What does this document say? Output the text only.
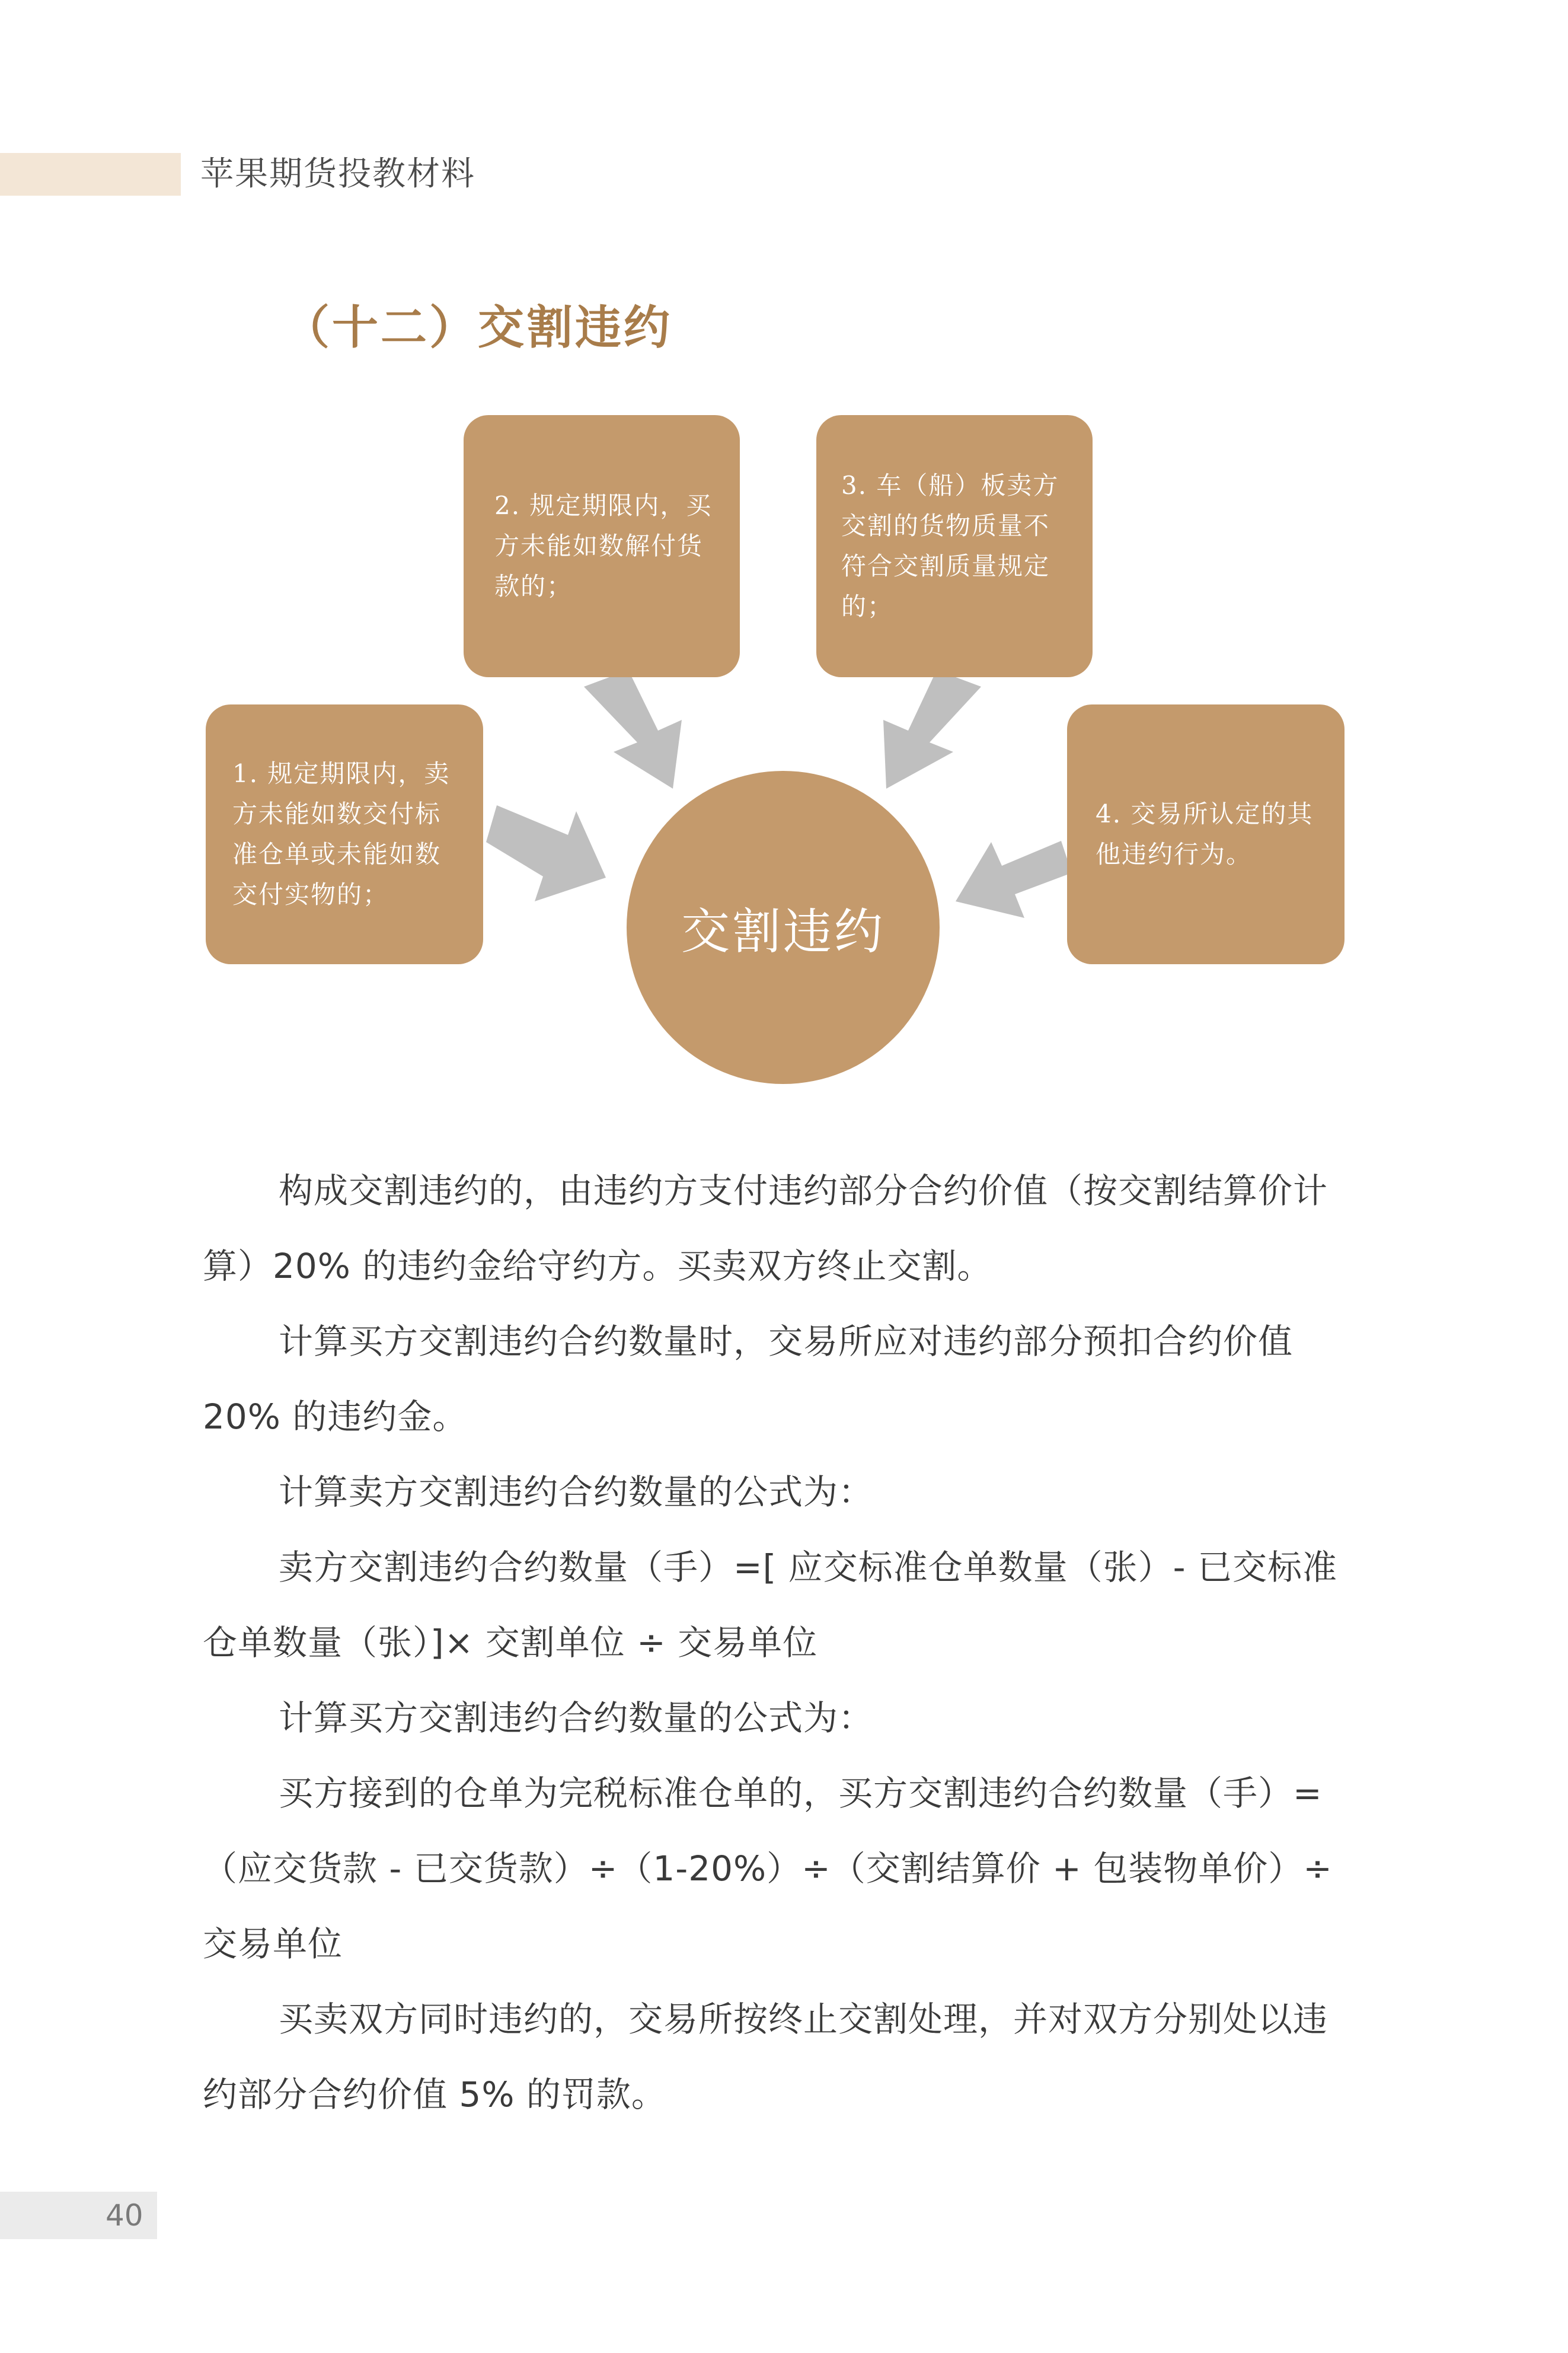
苹果期货投教材料
（十二）交割违约
1. 规定期限内，卖
方未能如数交付标
准仓单或未能如数
交付实物的；
2. 规定期限内，买
方未能如数解付货
款的；
3. 车（船）板卖方
交割的货物质量不
符合交割质量规定
的；
4. 交易所认定的其
他违约行为。
交割违约

构成交割违约的，由违约方支付违约部分合约价值（按交割结算价计算）20% 的违约金给守约方。买卖双方终止交割。

计算买方交割违约合约数量时，交易所应对违约部分预扣合约价值 20% 的违约金。

计算卖方交割违约合约数量的公式为：

卖方交割违约合约数量（手）=[ 应交标准仓单数量（张）- 已交标准仓单数量（张）]× 交割单位 ÷ 交易单位

计算买方交割违约合约数量的公式为：

买方接到的仓单为完税标准仓单的，买方交割违约合约数量（手）=（应交货款 - 已交货款）÷（1-20%）÷（交割结算价 + 包装物单价）÷ 交易单位

买卖双方同时违约的，交易所按终止交割处理，并对双方分别处以违约部分合约价值 5% 的罚款。

40
